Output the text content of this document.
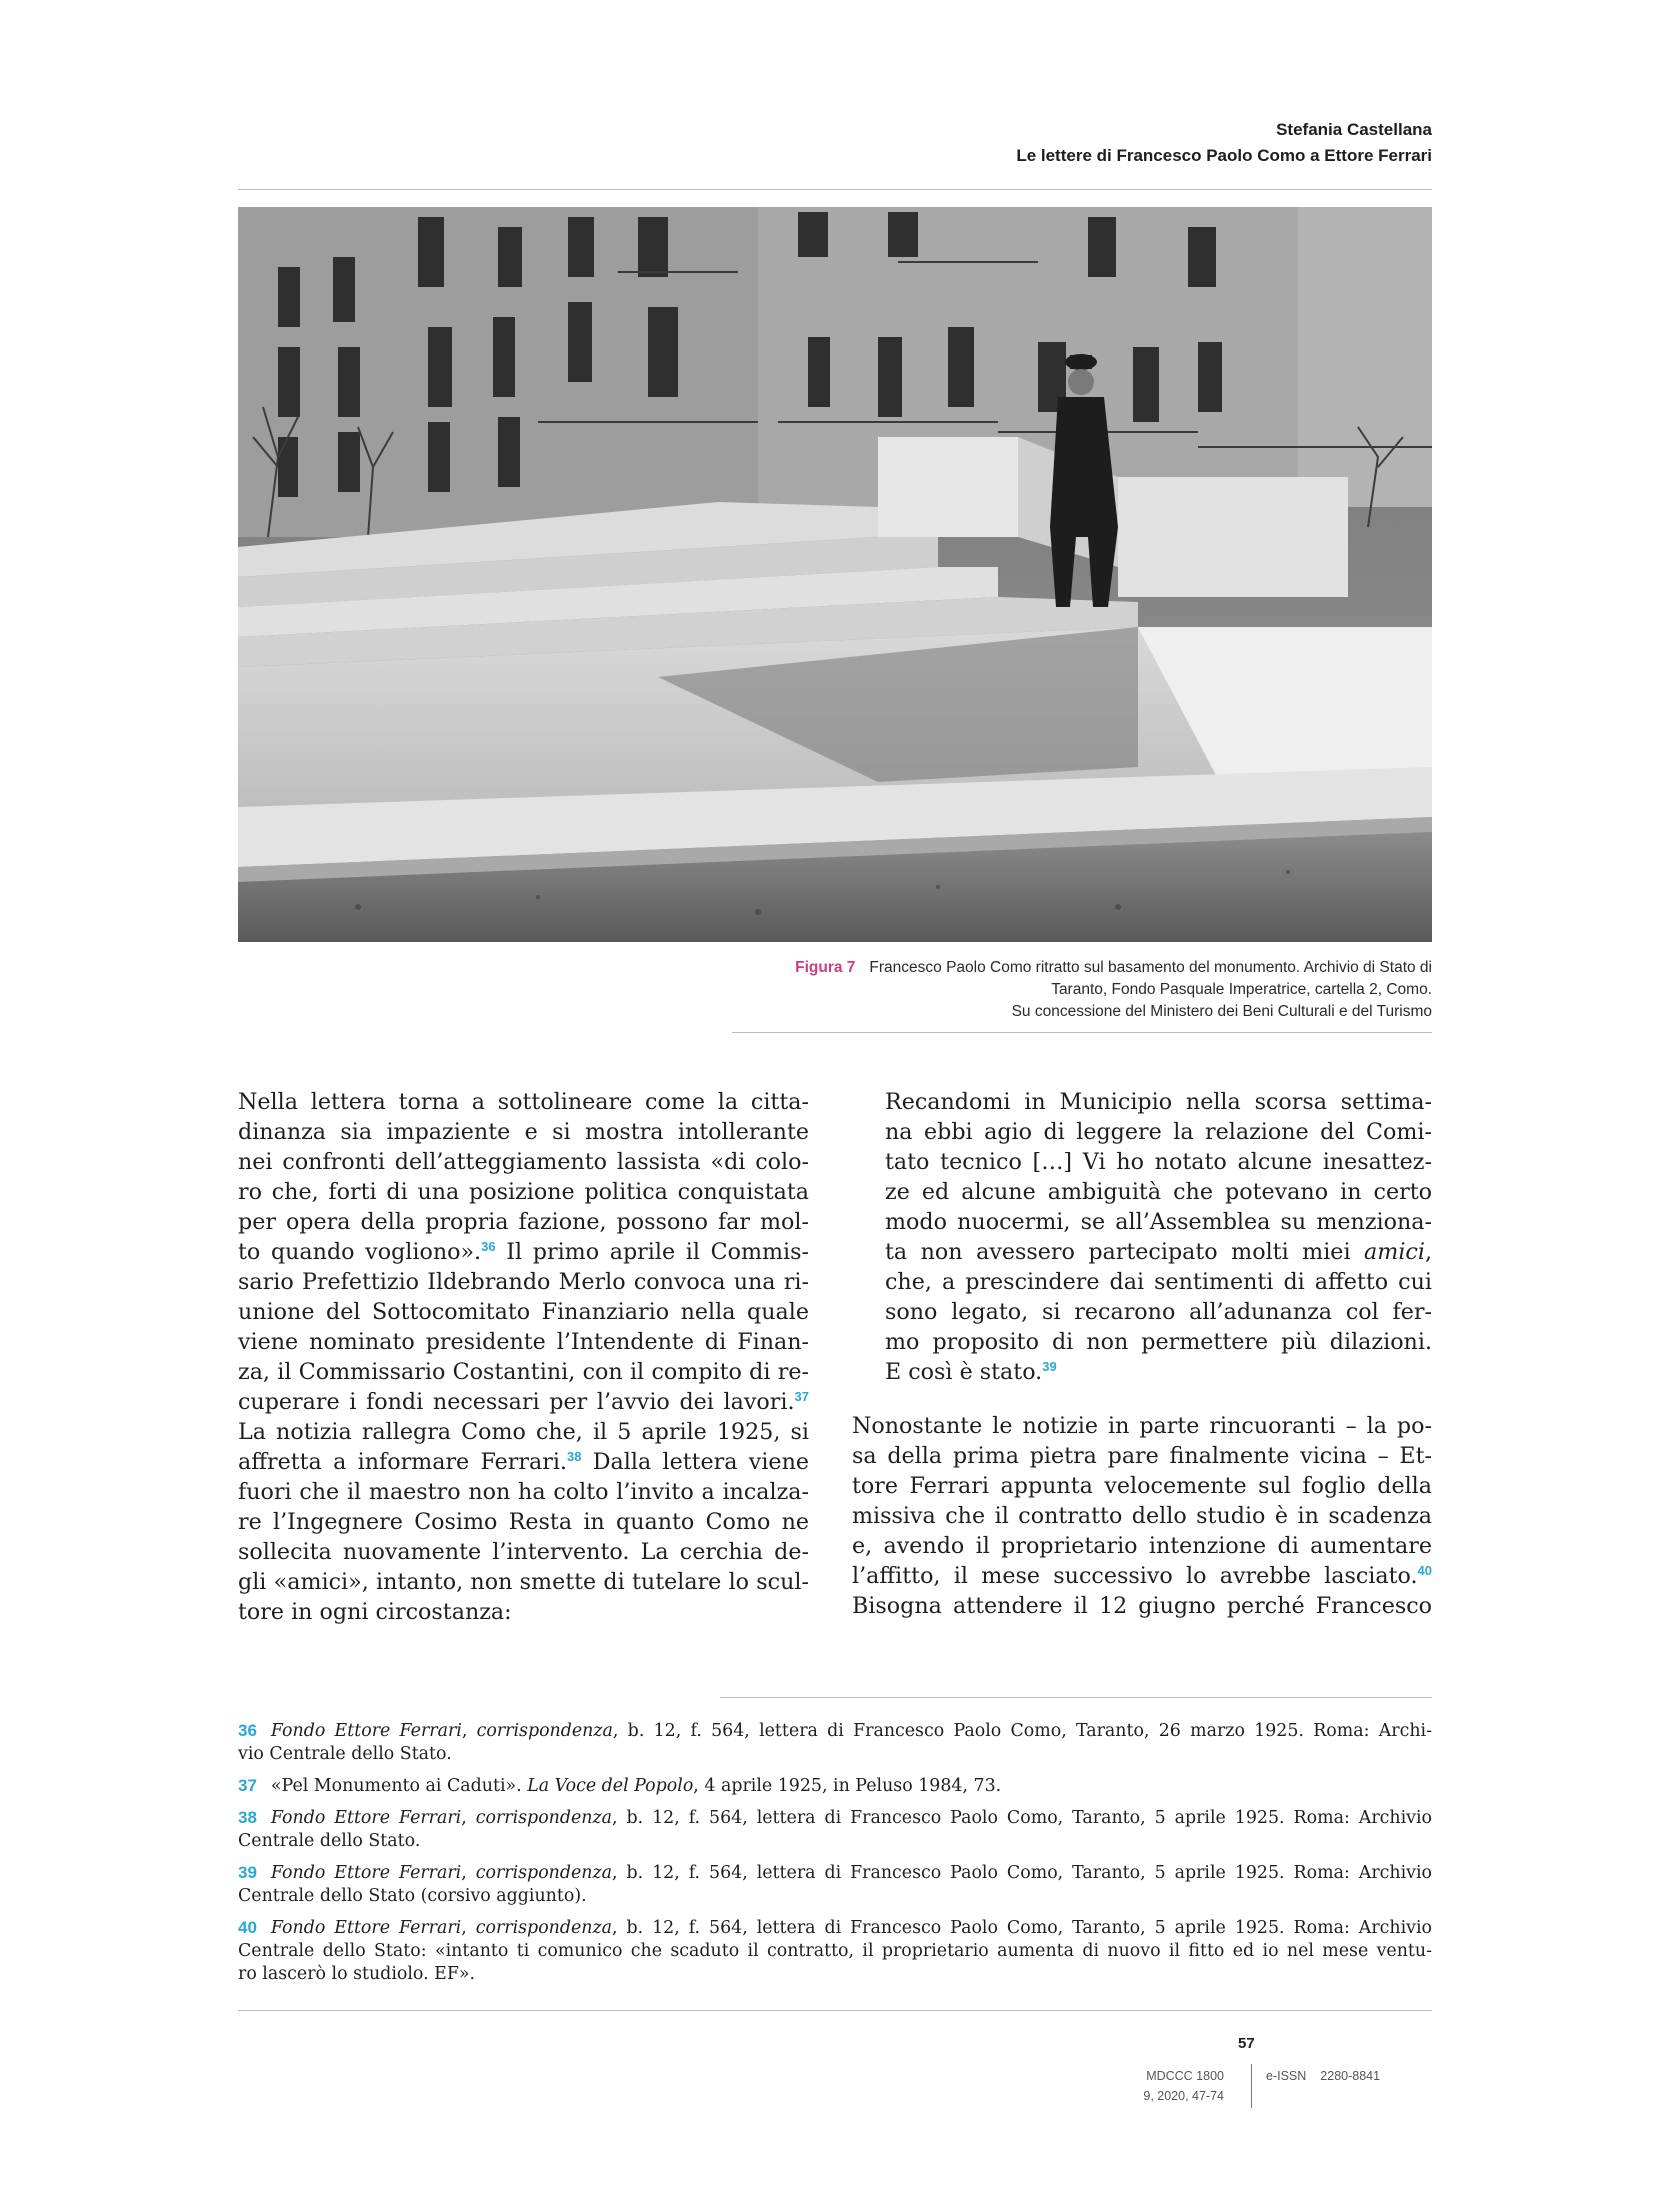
Stefania Castellana
Le lettere di Francesco Paolo Como a Ettore Ferrari
Figura 7 Francesco Paolo Como ritratto sul basamento del monumento. Archivio di Stato di
Taranto, Fondo Pasquale Imperatrice, cartella 2, Como.
Su concessione del Ministero dei Beni Culturali e del Turismo
Nella lettera torna a sottolineare come la citta-
dinanza sia impaziente e si mostra intollerante
nei confronti dell’atteggiamento lassista «di colo-
ro che, forti di una posizione politica conquistata
per opera della propria fazione, possono far mol-
to quando vogliono».$^{36}$ Il primo aprile il Commis-
sario Prefettizio Ildebrando Merlo convoca una ri-
unione del Sottocomitato Finanziario nella quale
viene nominato presidente l’Intendente di Finan-
za, il Commissario Costantini, con il compito di re-
cuperare i fondi necessari per l’avvio dei lavori.$^{37}$
La notizia rallegra Como che, il 5 aprile 1925, si
affretta a informare Ferrari.$^{38}$ Dalla lettera viene
fuori che il maestro non ha colto l’invito a incalza-
re l’Ingegnere Cosimo Resta in quanto Como ne
sollecita nuovamente l’intervento. La cerchia de-
gli «amici», intanto, non smette di tutelare lo scul-
tore in ogni circostanza:
Recandomi in Municipio nella scorsa settima-
na ebbi agio di leggere la relazione del Comi-
tato tecnico […] Vi ho notato alcune inesattez-
ze ed alcune ambiguità che potevano in certo
modo nuocermi, se all’Assemblea su menziona-
ta non avessero partecipato molti miei amici,
che, a prescindere dai sentimenti di affetto cui
sono legato, si recarono all’adunanza col fer-
mo proposito di non permettere più dilazioni.
E così è stato.$^{39}$
Nonostante le notizie in parte rincuoranti – la po-
sa della prima pietra pare finalmente vicina – Et-
tore Ferrari appunta velocemente sul foglio della
missiva che il contratto dello studio è in scadenza
e, avendo il proprietario intenzione di aumentare
l’affitto, il mese successivo lo avrebbe lasciato.$^{40}$
Bisogna attendere il 12 giugno perché Francesco
36 Fondo Ettore Ferrari, corrispondenza, b. 12, f. 564, lettera di Francesco Paolo Como, Taranto, 26 marzo 1925. Roma: Archi-
vio Centrale dello Stato.
37 «Pel Monumento ai Caduti». La Voce del Popolo, 4 aprile 1925, in Peluso 1984, 73.
38 Fondo Ettore Ferrari, corrispondenza, b. 12, f. 564, lettera di Francesco Paolo Como, Taranto, 5 aprile 1925. Roma: Archivio
Centrale dello Stato.
39 Fondo Ettore Ferrari, corrispondenza, b. 12, f. 564, lettera di Francesco Paolo Como, Taranto, 5 aprile 1925. Roma: Archivio
Centrale dello Stato (corsivo aggiunto).
40 Fondo Ettore Ferrari, corrispondenza, b. 12, f. 564, lettera di Francesco Paolo Como, Taranto, 5 aprile 1925. Roma: Archivio
Centrale dello Stato: «intanto ti comunico che scaduto il contratto, il proprietario aumenta di nuovo il fitto ed io nel mese ventu-
ro lascerò lo studiolo. EF».
57
MDCCC 1800
9, 2020, 47-74
e-ISSN 2280-8841
